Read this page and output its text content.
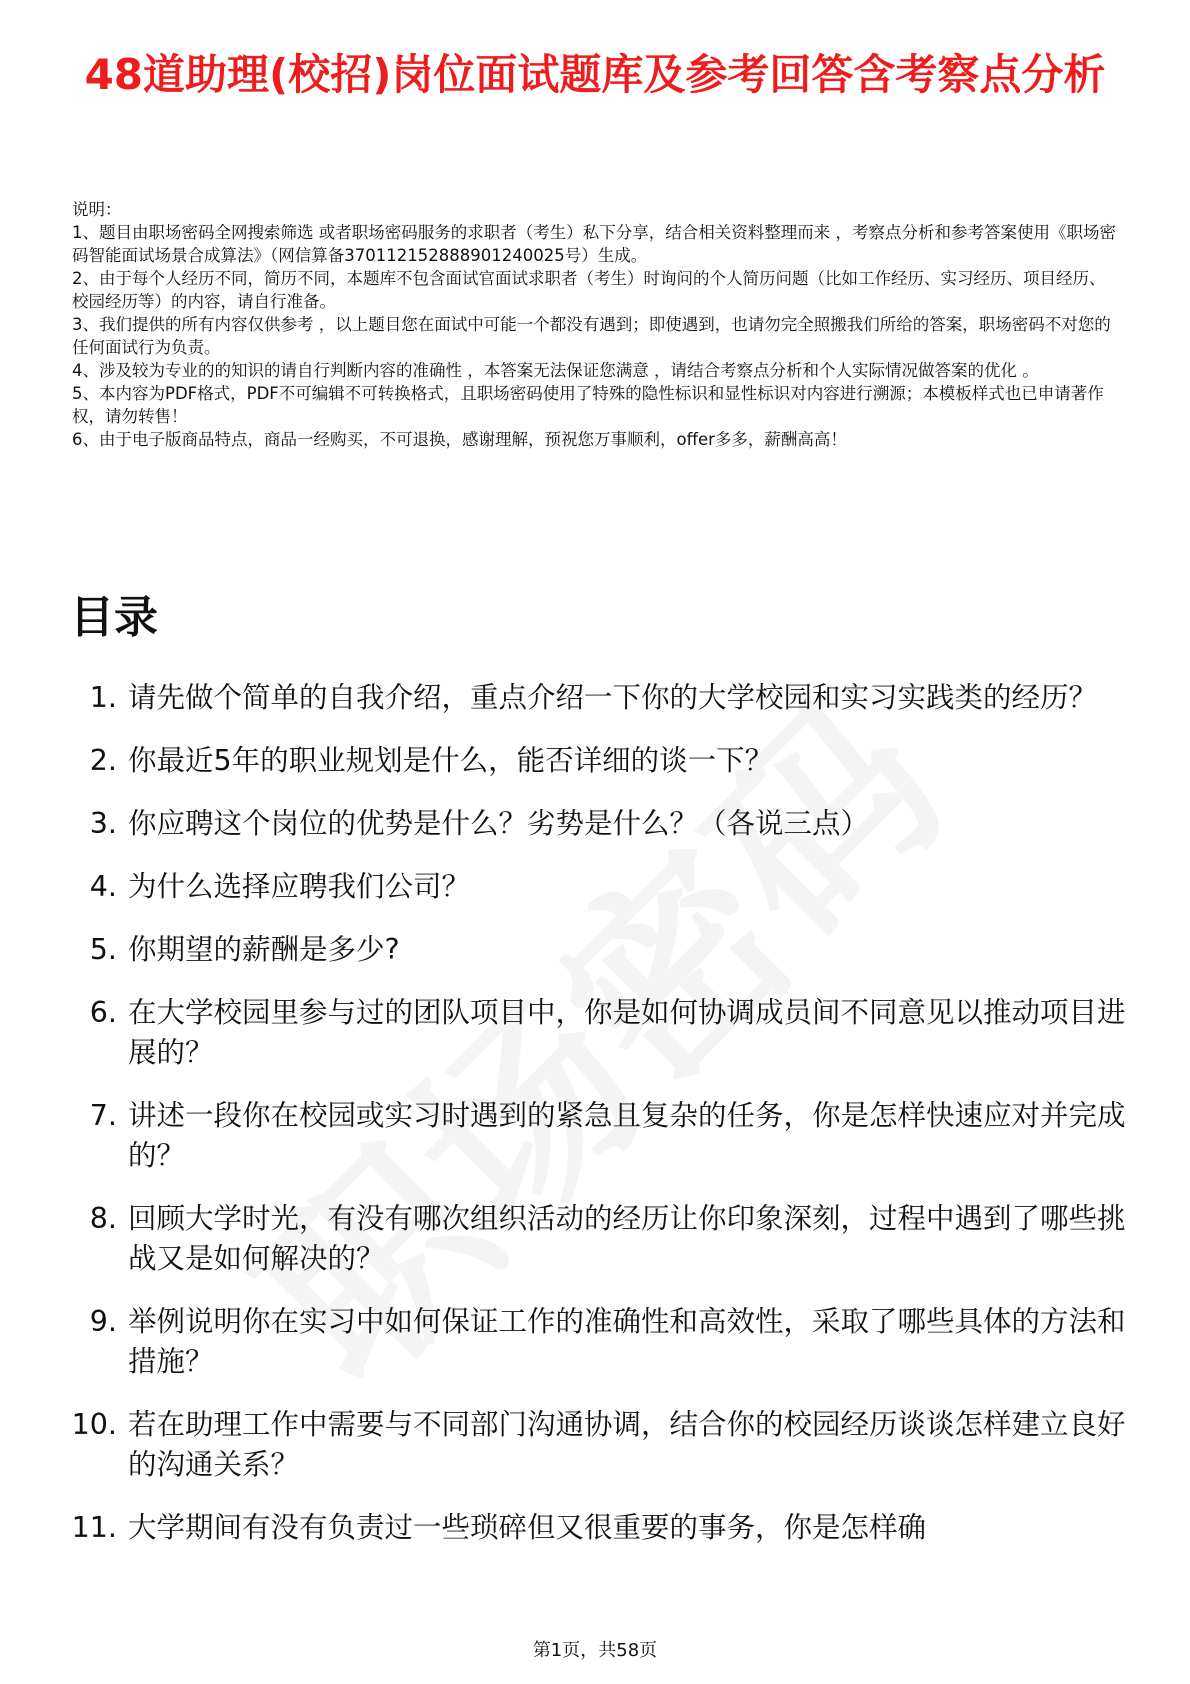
48道助理(校招)岗位面试题库及参考回答含考察点分析

说明：

1、题目由职场密码全网搜索筛选 或者职场密码服务的求职者（考生）私下分享，结合相关资料整理而来 ，考察点分析和参考答案使用《职场密码智能面试场景合成算法》（网信算备370112152888901240025号）生成。

2、由于每个人经历不同，简历不同，本题库不包含面试官面试求职者（考生）时询问的个人简历问题（比如工作经历、实习经历、项目经历、校园经历等）的内容，请自行准备。

3、我们提供的所有内容仅供参考 ，以上题目您在面试中可能一个都没有遇到；即使遇到，也请勿完全照搬我们所给的答案，职场密码不对您的任何面试行为负责。

4、涉及较为专业的的知识的请自行判断内容的准确性 ，本答案无法保证您满意 ，请结合考察点分析和个人实际情况做答案的优化 。

5、本内容为PDF格式，PDF不可编辑不可转换格式，且职场密码使用了特殊的隐性标识和显性标识对内容进行溯源；本模板样式也已申请著作权，请勿转售！

6、由于电子版商品特点，商品一经购买，不可退换，感谢理解，预祝您万事顺利，offer多多，薪酬高高！

目录
1. 请先做个简单的自我介绍，重点介绍一下你的大学校园和实习实践类的经历？
2. 你最近5年的职业规划是什么，能否详细的谈一下？
3. 你应聘这个岗位的优势是什么？劣势是什么？（各说三点）
4. 为什么选择应聘我们公司？
5. 你期望的薪酬是多少?
6. 在大学校园里参与过的团队项目中，你是如何协调成员间不同意见以推动项目进展的？
7. 讲述一段你在校园或实习时遇到的紧急且复杂的任务，你是怎样快速应对并完成的？
8. 回顾大学时光，有没有哪次组织活动的经历让你印象深刻，过程中遇到了哪些挑战又是如何解决的？
9. 举例说明你在实习中如何保证工作的准确性和高效性，采取了哪些具体的方法和措施？
10. 若在助理工作中需要与不同部门沟通协调，结合你的校园经历谈谈怎样建立良好的沟通关系？
11. 大学期间有没有负责过一些琐碎但又很重要的事务，你是怎样确
第1页，共58页
